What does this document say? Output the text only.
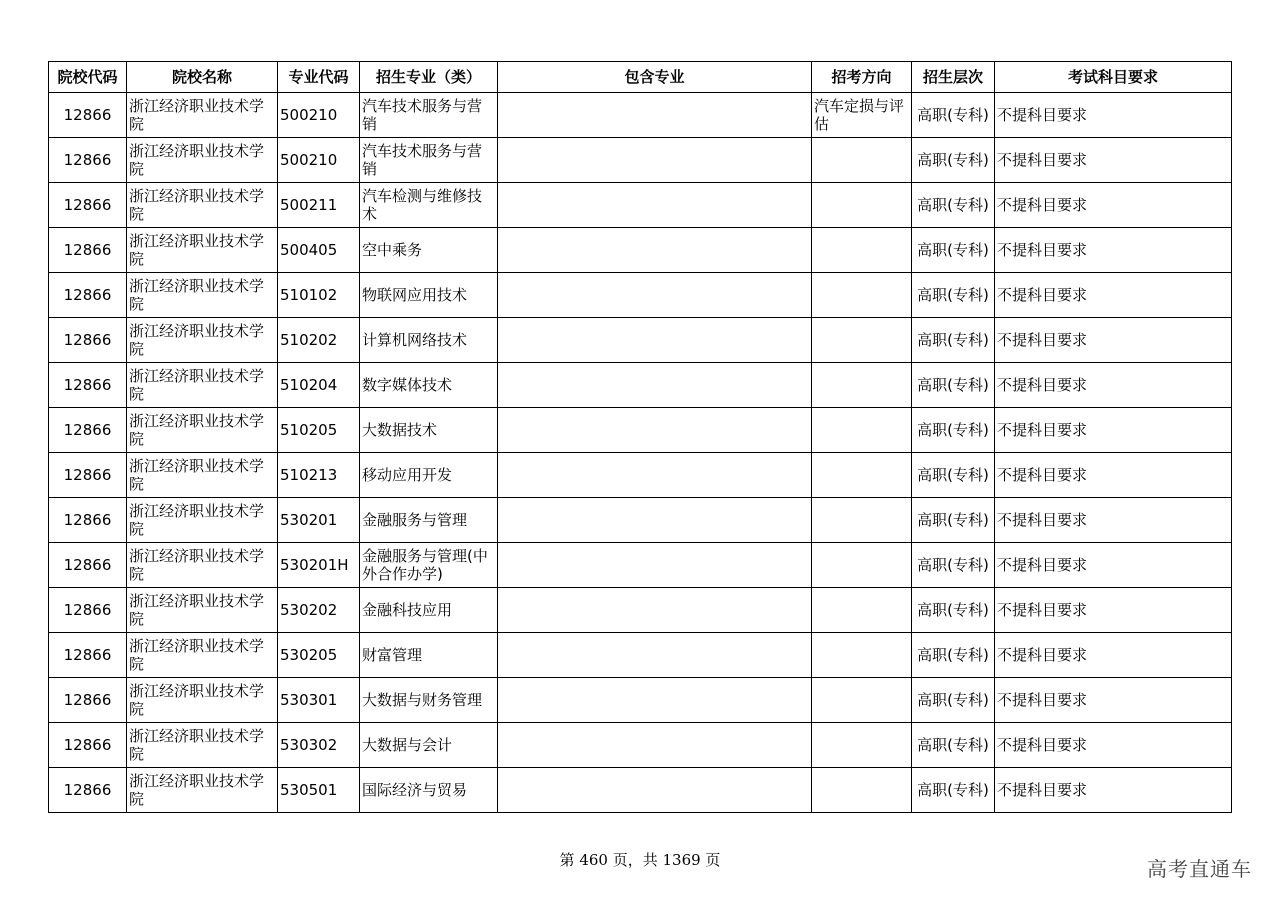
院校代码	院校名称	专业代码	招生专业（类）	包含专业	招考方向	招生层次	考试科目要求
12866	浙江经济职业技术学院	500210	汽车技术服务与营销		汽车定损与评估	高职(专科)	不提科目要求
12866	浙江经济职业技术学院	500210	汽车技术服务与营销			高职(专科)	不提科目要求
12866	浙江经济职业技术学院	500211	汽车检测与维修技术			高职(专科)	不提科目要求
12866	浙江经济职业技术学院	500405	空中乘务			高职(专科)	不提科目要求
12866	浙江经济职业技术学院	510102	物联网应用技术			高职(专科)	不提科目要求
12866	浙江经济职业技术学院	510202	计算机网络技术			高职(专科)	不提科目要求
12866	浙江经济职业技术学院	510204	数字媒体技术			高职(专科)	不提科目要求
12866	浙江经济职业技术学院	510205	大数据技术			高职(专科)	不提科目要求
12866	浙江经济职业技术学院	510213	移动应用开发			高职(专科)	不提科目要求
12866	浙江经济职业技术学院	530201	金融服务与管理			高职(专科)	不提科目要求
12866	浙江经济职业技术学院	530201H	金融服务与管理(中外合作办学)			高职(专科)	不提科目要求
12866	浙江经济职业技术学院	530202	金融科技应用			高职(专科)	不提科目要求
12866	浙江经济职业技术学院	530205	财富管理			高职(专科)	不提科目要求
12866	浙江经济职业技术学院	530301	大数据与财务管理			高职(专科)	不提科目要求
12866	浙江经济职业技术学院	530302	大数据与会计			高职(专科)	不提科目要求
12866	浙江经济职业技术学院	530501	国际经济与贸易			高职(专科)	不提科目要求
第 460 页，共 1369 页	高考直通车
